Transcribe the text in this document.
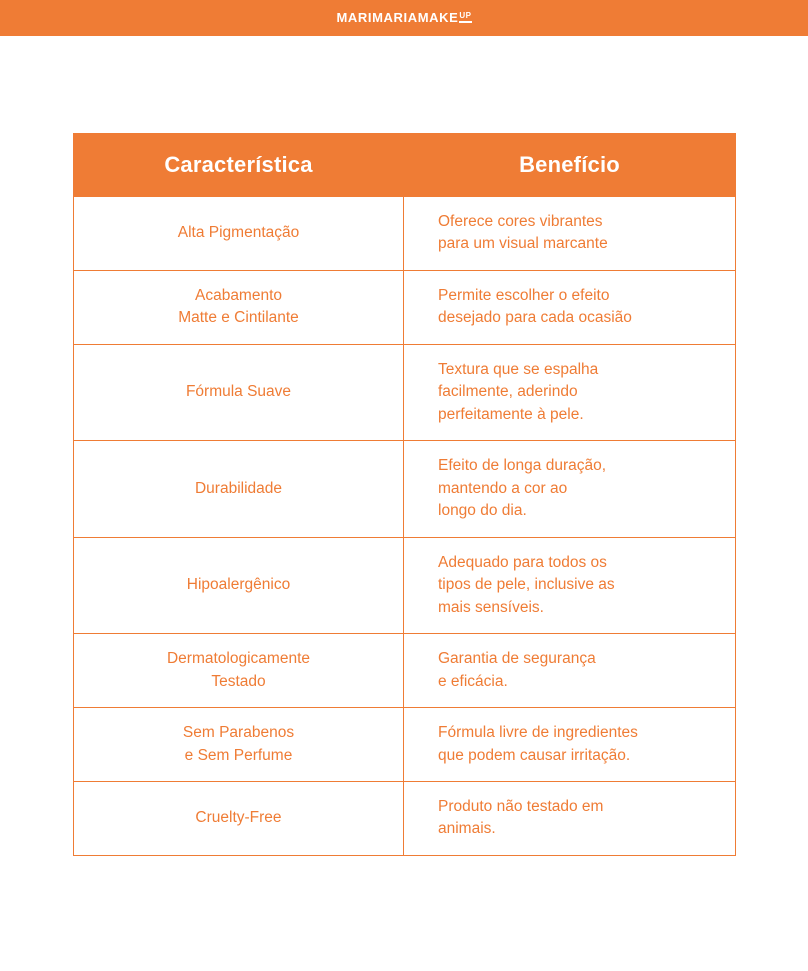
MARIMARIAMAKE UP
Característica	Benefício

Alta Pigmentação	Oferece cores vibrantes
para um visual marcante

Acabamento
Matte e Cintilante	Permite escolher o efeito
desejado para cada ocasião

Fórmula Suave	Textura que se espalha
facilmente, aderindo
perfeitamente à pele.

Durabilidade	Efeito de longa duração,
mantendo a cor ao
longo do dia.

Hipoalergênico	Adequado para todos os
tipos de pele, inclusive as
mais sensíveis.

Dermatologicamente
Testado	Garantia de segurança
e eficácia.

Sem Parabenos
e Sem Perfume	Fórmula livre de ingredientes
que podem causar irritação.

Cruelty-Free	Produto não testado em
animais.
